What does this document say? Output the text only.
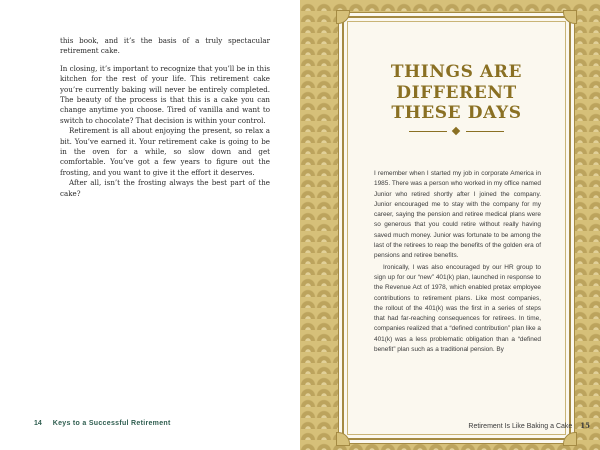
this book, and it’s the basis of a truly spectacular retirement cake.

In closing, it’s important to recognize that you’ll be in this kitchen for the rest of your life. This retirement cake you’re currently baking will never be entirely completed. The beauty of the process is that this is a cake you can change anytime you choose. Tired of vanilla and want to switch to chocolate? That decision is within your control.

Retirement is all about enjoying the present, so relax a bit. You’ve earned it. Your retirement cake is going to be in the oven for a while, so slow down and get comfortable. You’ve got a few years to figure out the frosting, and you want to give it the effort it deserves.

After all, isn’t the frosting always the best part of the cake?

14 Keys to a Successful Retirement
THINGS ARE
DIFFERENT
THESE DAYS

I remember when I started my job in corporate America in 1985. There was a person who worked in my office named Junior who retired shortly after I joined the company. Junior encouraged me to stay with the company for my career, saying the pension and retiree medical plans were so generous that you could retire without really having saved much money. Junior was fortunate to be among the last of the retirees to reap the benefits of the golden era of pensions and retiree benefits.

Ironically, I was also encouraged by our HR group to sign up for our “new” 401(k) plan, launched in response to the Revenue Act of 1978, which enabled pretax employee contributions to retirement plans. Like most companies, the rollout of the 401(k) was the first in a series of steps that had far-reaching consequences for retirees. In time, companies realized that a “defined contribution” plan like a 401(k) was a less problematic obligation than a “defined benefit” plan such as a traditional pension. By

Retirement Is Like Baking a Cake 15
